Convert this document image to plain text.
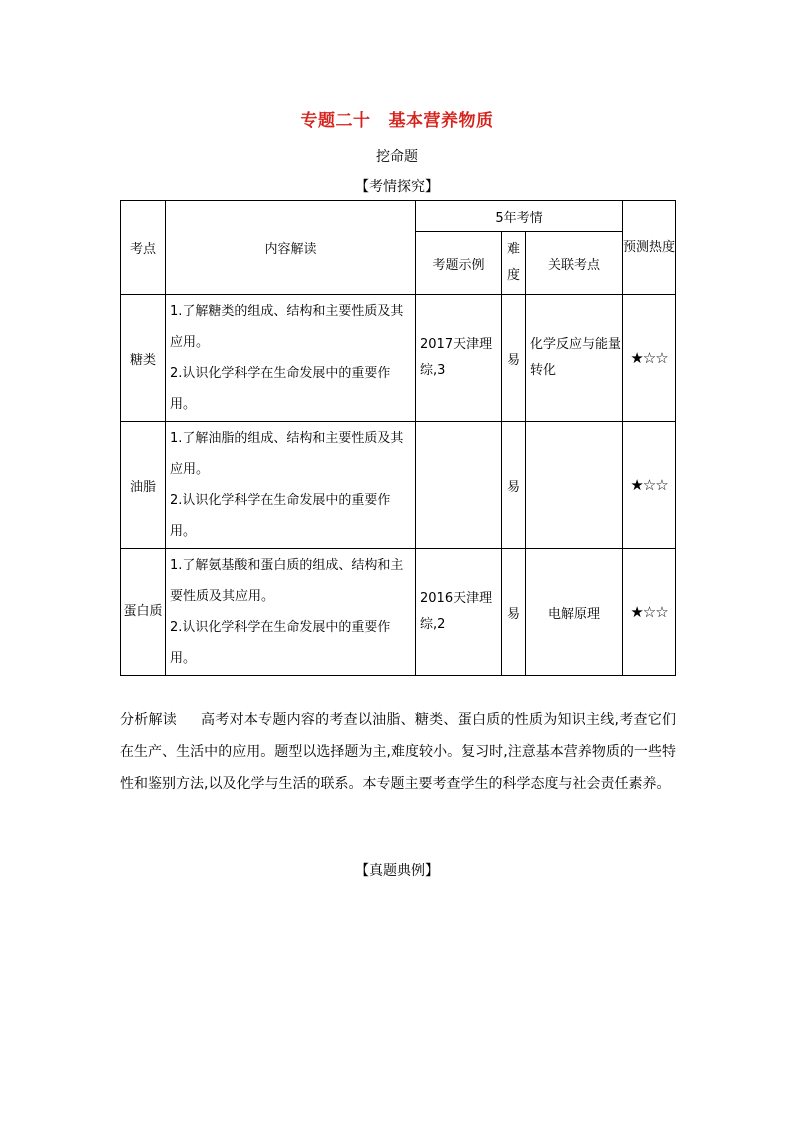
专题二十 基本营养物质
挖命题
【考情探究】
考点	内容解读	5年考情			预测热度
		考题示例	难度	关联考点	
糖类	1.了解糖类的组成、结构和主要性质及其应用。
2.认识化学科学在生命发展中的重要作用。	2017天津理综,3	易	化学反应与能量转化	★☆☆
油脂	1.了解油脂的组成、结构和主要性质及其应用。
2.认识化学科学在生命发展中的重要作用。		易		★☆☆
蛋白质	1.了解氨基酸和蛋白质的组成、结构和主要性质及其应用。
2.认识化学科学在生命发展中的重要作用。	2016天津理综,2	易	电解原理	★☆☆
分析解读 高考对本专题内容的考查以油脂、糖类、蛋白质的性质为知识主线,考查它们在生产、生活中的应用。题型以选择题为主,难度较小。复习时,注意基本营养物质的一些特性和鉴别方法,以及化学与生活的联系。本专题主要考查学生的科学态度与社会责任素养。
【真题典例】
